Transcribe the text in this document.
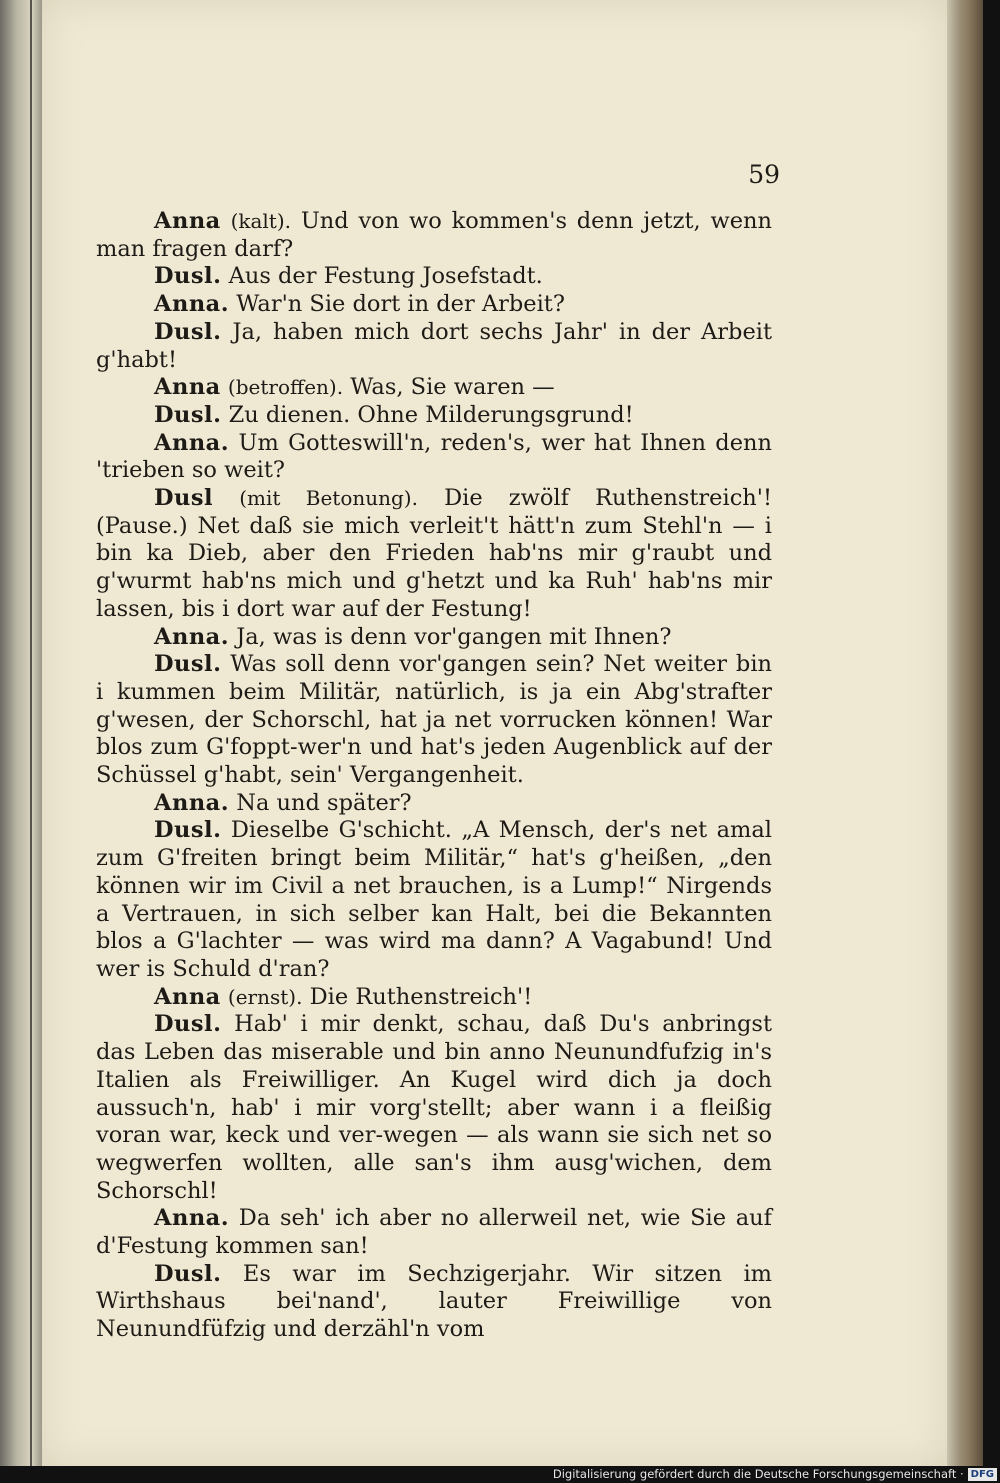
59

Anna (kalt). Und von wo kommen's denn jetzt, wenn man fragen darf?

Dusl. Aus der Festung Josefstadt.

Anna. War'n Sie dort in der Arbeit?

Dusl. Ja, haben mich dort sechs Jahr' in der Arbeit g'habt!

Anna (betroffen). Was, Sie waren —

Dusl. Zu dienen. Ohne Milderungsgrund!

Anna. Um Gotteswill'n, reden's, wer hat Ihnen denn 'trieben so weit?

Dusl (mit Betonung). Die zwölf Ruthenstreich'! (Pause.) Net daß sie mich verleit't hätt'n zum Stehl'n — i bin ka Dieb, aber den Frieden hab'ns mir g'raubt und g'wurmt hab'ns mich und g'hetzt und ka Ruh' hab'ns mir lassen, bis i dort war auf der Festung!

Anna. Ja, was is denn vor'gangen mit Ihnen?

Dusl. Was soll denn vor'gangen sein? Net weiter bin i kummen beim Militär, natürlich, is ja ein Abg'strafter g'wesen, der Schorschl, hat ja net vorrucken können! War blos zum G'foppt-wer'n und hat's jeden Augenblick auf der Schüssel g'habt, sein' Vergangenheit.

Anna. Na und später?

Dusl. Dieselbe G'schicht. „A Mensch, der's net amal zum G'freiten bringt beim Militär,“ hat's g'heißen, „den können wir im Civil a net brauchen, is a Lump!“ Nirgends a Vertrauen, in sich selber kan Halt, bei die Bekannten blos a G'lachter — was wird ma dann? A Vagabund! Und wer is Schuld d'ran?

Anna (ernst). Die Ruthenstreich'!

Dusl. Hab' i mir denkt, schau, daß Du's anbringst das Leben das miserable und bin anno Neunundfufzig in's Italien als Freiwilliger. An Kugel wird dich ja doch aussuch'n, hab' i mir vorg'stellt; aber wann i a fleißig voran war, keck und ver-wegen — als wann sie sich net so wegwerfen wollten, alle san's ihm ausg'wichen, dem Schorschl!

Anna. Da seh' ich aber no allerweil net, wie Sie auf d'Festung kommen san!

Dusl. Es war im Sechzigerjahr. Wir sitzen im Wirthshaus bei'nand', lauter Freiwillige von Neunundfüfzig und derzähl'n vom

Digitalisierung gefördert durch die Deutsche Forschungsgemeinschaft · DFG
